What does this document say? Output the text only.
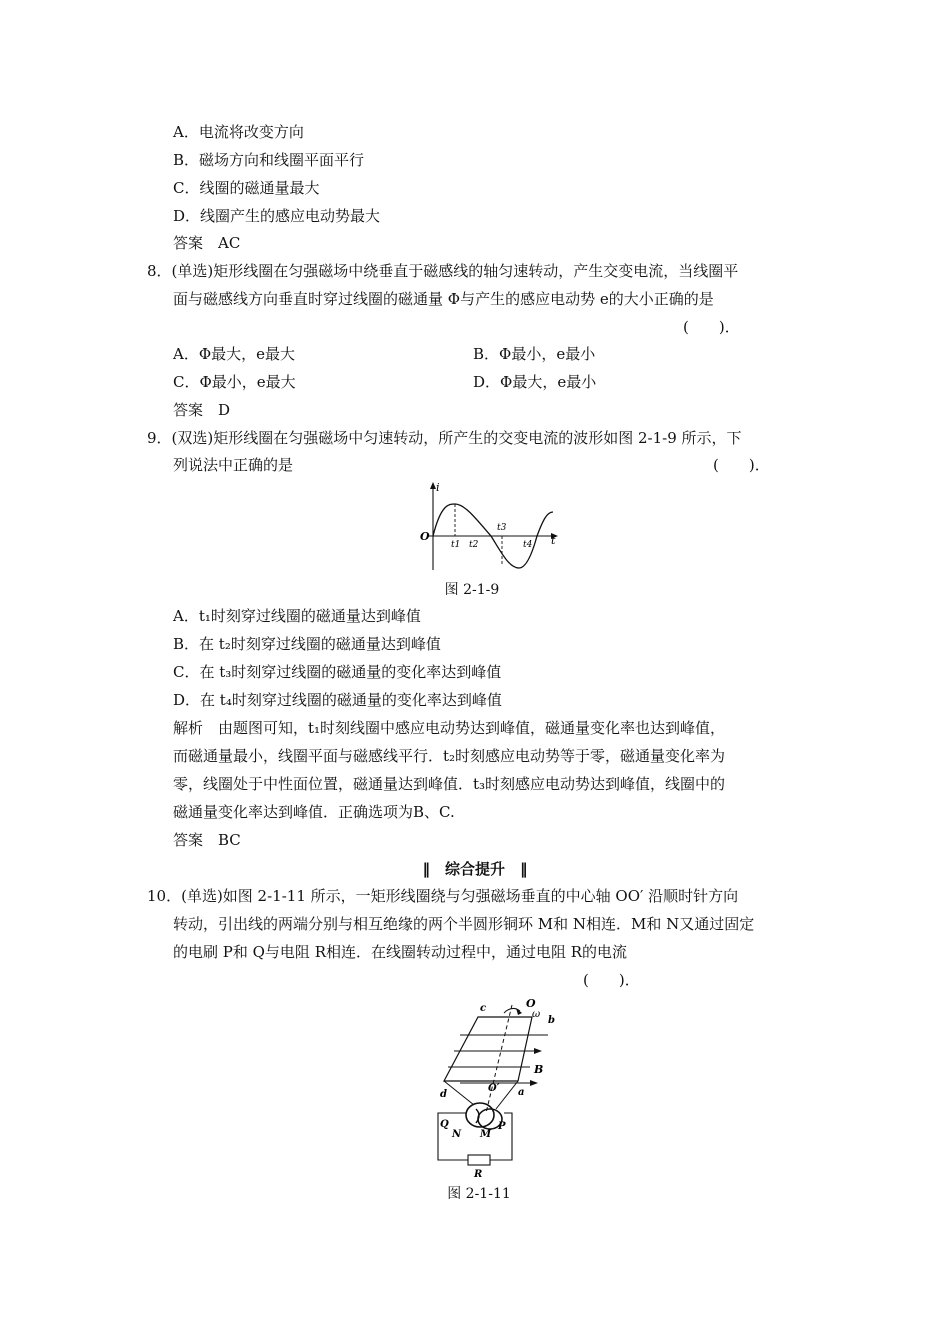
A．电流将改变方向
B．磁场方向和线圈平面平行
C．线圈的磁通量最大
D．线圈产生的感应电动势最大
答案　AC
8．(单选)矩形线圈在匀强磁场中绕垂直于磁感线的轴匀速转动，产生交变电流，当线圈平
面与磁感线方向垂直时穿过线圈的磁通量 Φ与产生的感应电动势 e的大小正确的是
(　　)．
A．Φ最大，e最大	B．Φ最小，e最小
C．Φ最小，e最大	D．Φ最大，e最小
答案　D
9．(双选)矩形线圈在匀强磁场中匀速转动，所产生的交变电流的波形如图 2-1-9 所示，下
列说法中正确的是	(　　)．
i
O
t1 t2
t3
t4 t
图 2-1-9
A．t₁时刻穿过线圈的磁通量达到峰值
B．在 t₂时刻穿过线圈的磁通量达到峰值
C．在 t₃时刻穿过线圈的磁通量的变化率达到峰值
D．在 t₄时刻穿过线圈的磁通量的变化率达到峰值
解析　由题图可知，t₁时刻线圈中感应电动势达到峰值，磁通量变化率也达到峰值，
而磁通量最小，线圈平面与磁感线平行．t₂时刻感应电动势等于零，磁通量变化率为
零，线圈处于中性面位置，磁通量达到峰值．t₃时刻感应电动势达到峰值，线圈中的
磁通量变化率达到峰值．正确选项为B、C.
答案　BC
‖　综合提升　‖
10．(单选)如图 2-1-11 所示，一矩形线圈绕与匀强磁场垂直的中心轴 OO′ 沿顺时针方向
转动，引出线的两端分别与相互绝缘的两个半圆形铜环 M和 N相连．M和 N又通过固定
的电刷 P和 Q与电阻 R相连．在线圈转动过程中，通过电阻 R的电流
(　　)．
O
ω
c
b
B
d
O′ a
Q
N M
P
R
图 2-1-11
